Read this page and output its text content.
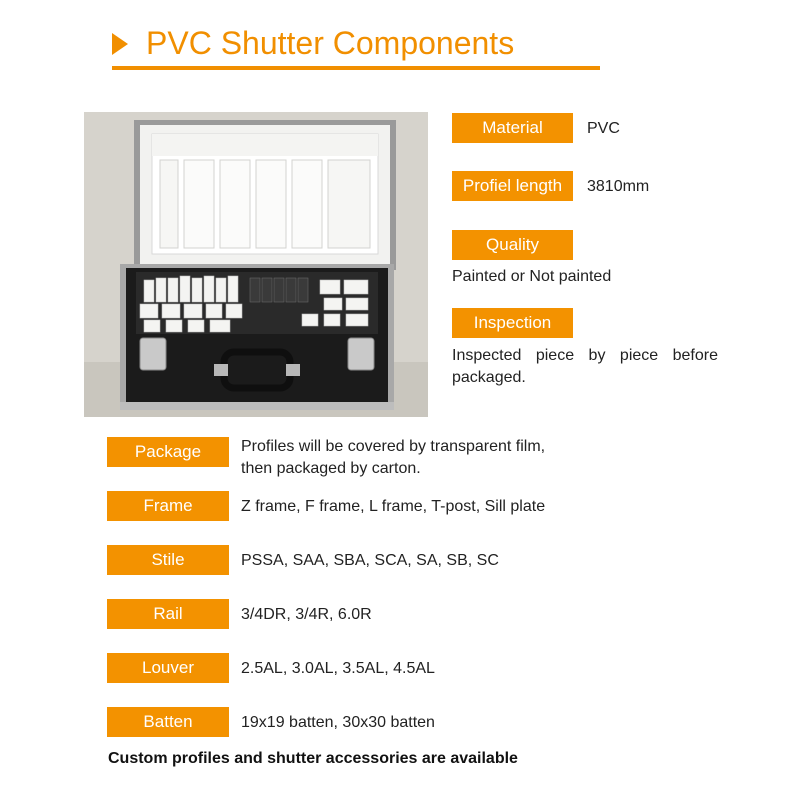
PVC Shutter Components
Material	PVC
Profiel length	3810mm
Quality
Painted or Not painted
Inspection
Inspected piece by piece before
packaged.
Package	Profiles will be covered by transparent film,
then packaged by carton.
Frame	Z frame, F frame, L frame, T-post, Sill plate
Stile	PSSA, SAA, SBA, SCA, SA, SB, SC
Rail	3/4DR, 3/4R, 6.0R
Louver	2.5AL, 3.0AL, 3.5AL, 4.5AL
Batten	19x19 batten, 30x30 batten
Custom profiles and shutter accessories are available
